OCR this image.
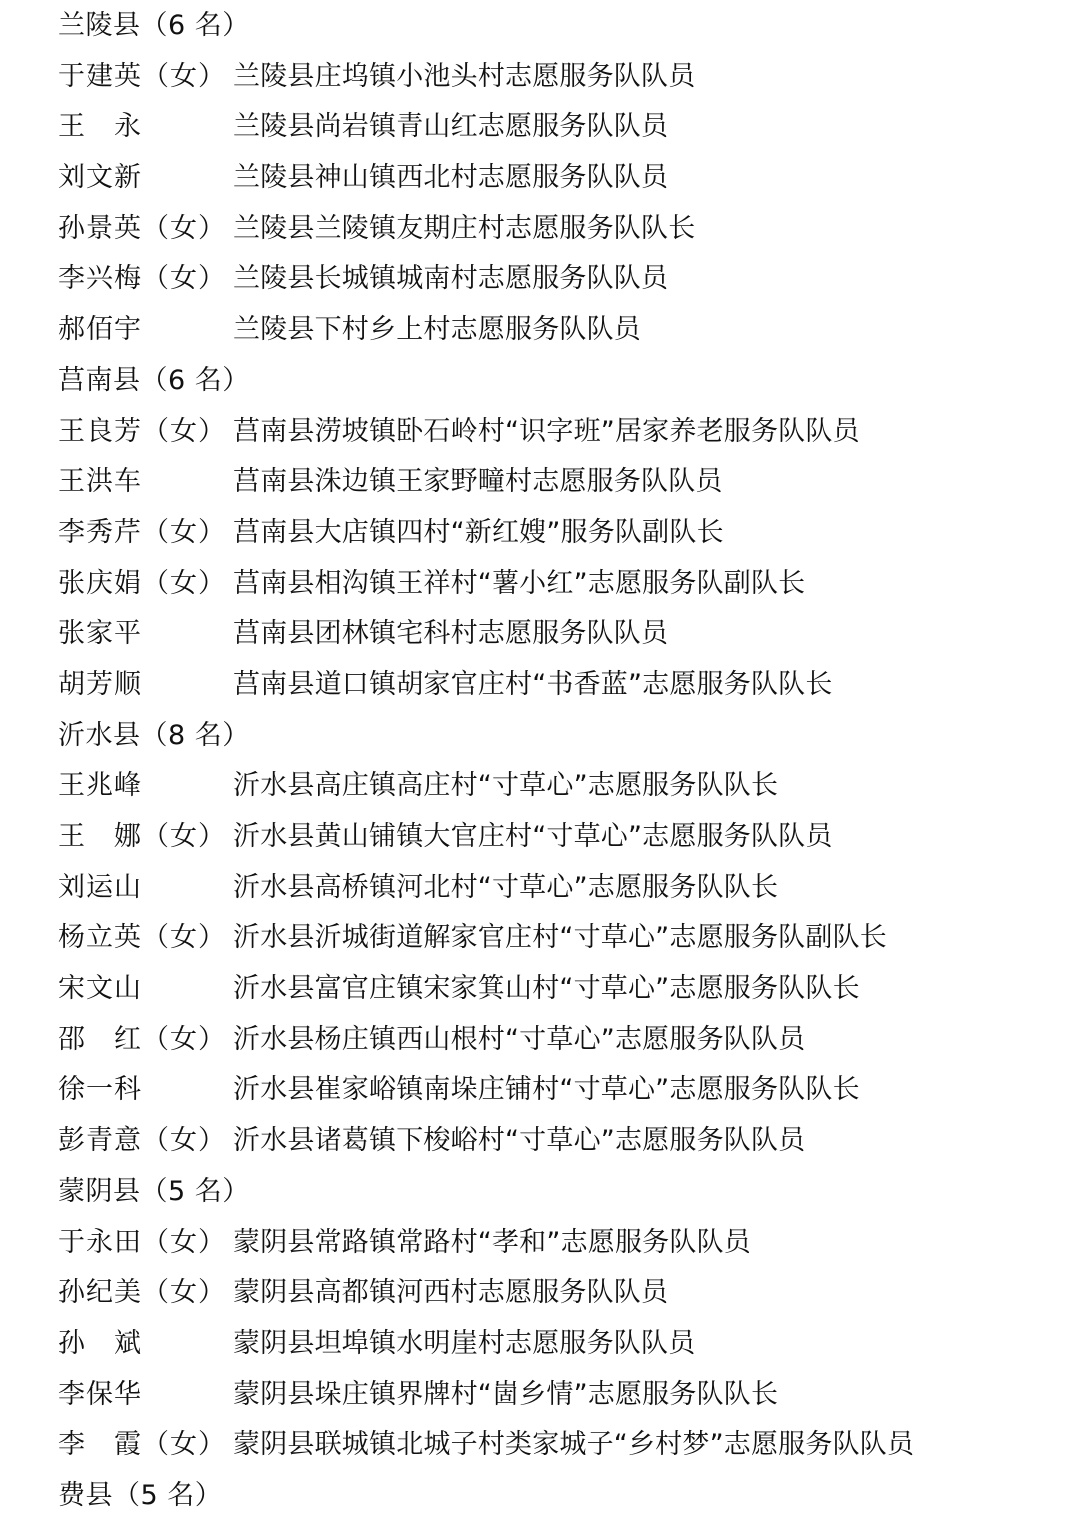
兰陵县（6 名）
于建英（女） 兰陵县庄坞镇小池头村志愿服务队队员
王　永	兰陵县尚岩镇青山红志愿服务队队员
刘文新	兰陵县神山镇西北村志愿服务队队员
孙景英（女） 兰陵县兰陵镇友期庄村志愿服务队队长
李兴梅（女） 兰陵县长城镇城南村志愿服务队队员
郝佰宇	兰陵县下村乡上村志愿服务队队员
莒南县（6 名）
王良芳（女） 莒南县涝坡镇卧石岭村“识字班”居家养老服务队队员
王洪车	莒南县洙边镇王家野疃村志愿服务队队员
李秀芹（女） 莒南县大店镇四村“新红嫂”服务队副队长
张庆娟（女） 莒南县相沟镇王祥村“薯小红”志愿服务队副队长
张家平	莒南县团林镇宅科村志愿服务队队员
胡芳顺	莒南县道口镇胡家官庄村“书香蓝”志愿服务队队长
沂水县（8 名）
王兆峰	沂水县高庄镇高庄村“寸草心”志愿服务队队长
王　娜（女） 沂水县黄山铺镇大官庄村“寸草心”志愿服务队队员
刘运山	沂水县高桥镇河北村“寸草心”志愿服务队队长
杨立英（女） 沂水县沂城街道解家官庄村“寸草心”志愿服务队副队长
宋文山	沂水县富官庄镇宋家箕山村“寸草心”志愿服务队队长
邵　红（女） 沂水县杨庄镇西山根村“寸草心”志愿服务队队员
徐一科	沂水县崔家峪镇南垛庄铺村“寸草心”志愿服务队队长
彭青意（女） 沂水县诸葛镇下梭峪村“寸草心”志愿服务队队员
蒙阴县（5 名）
于永田（女） 蒙阴县常路镇常路村“孝和”志愿服务队队员
孙纪美（女） 蒙阴县高都镇河西村志愿服务队队员
孙　斌	蒙阴县坦埠镇水明崖村志愿服务队队员
李保华	蒙阴县垛庄镇界牌村“崮乡情”志愿服务队队长
李　霞（女） 蒙阴县联城镇北城子村类家城子“乡村梦”志愿服务队队员
费县（5 名）
